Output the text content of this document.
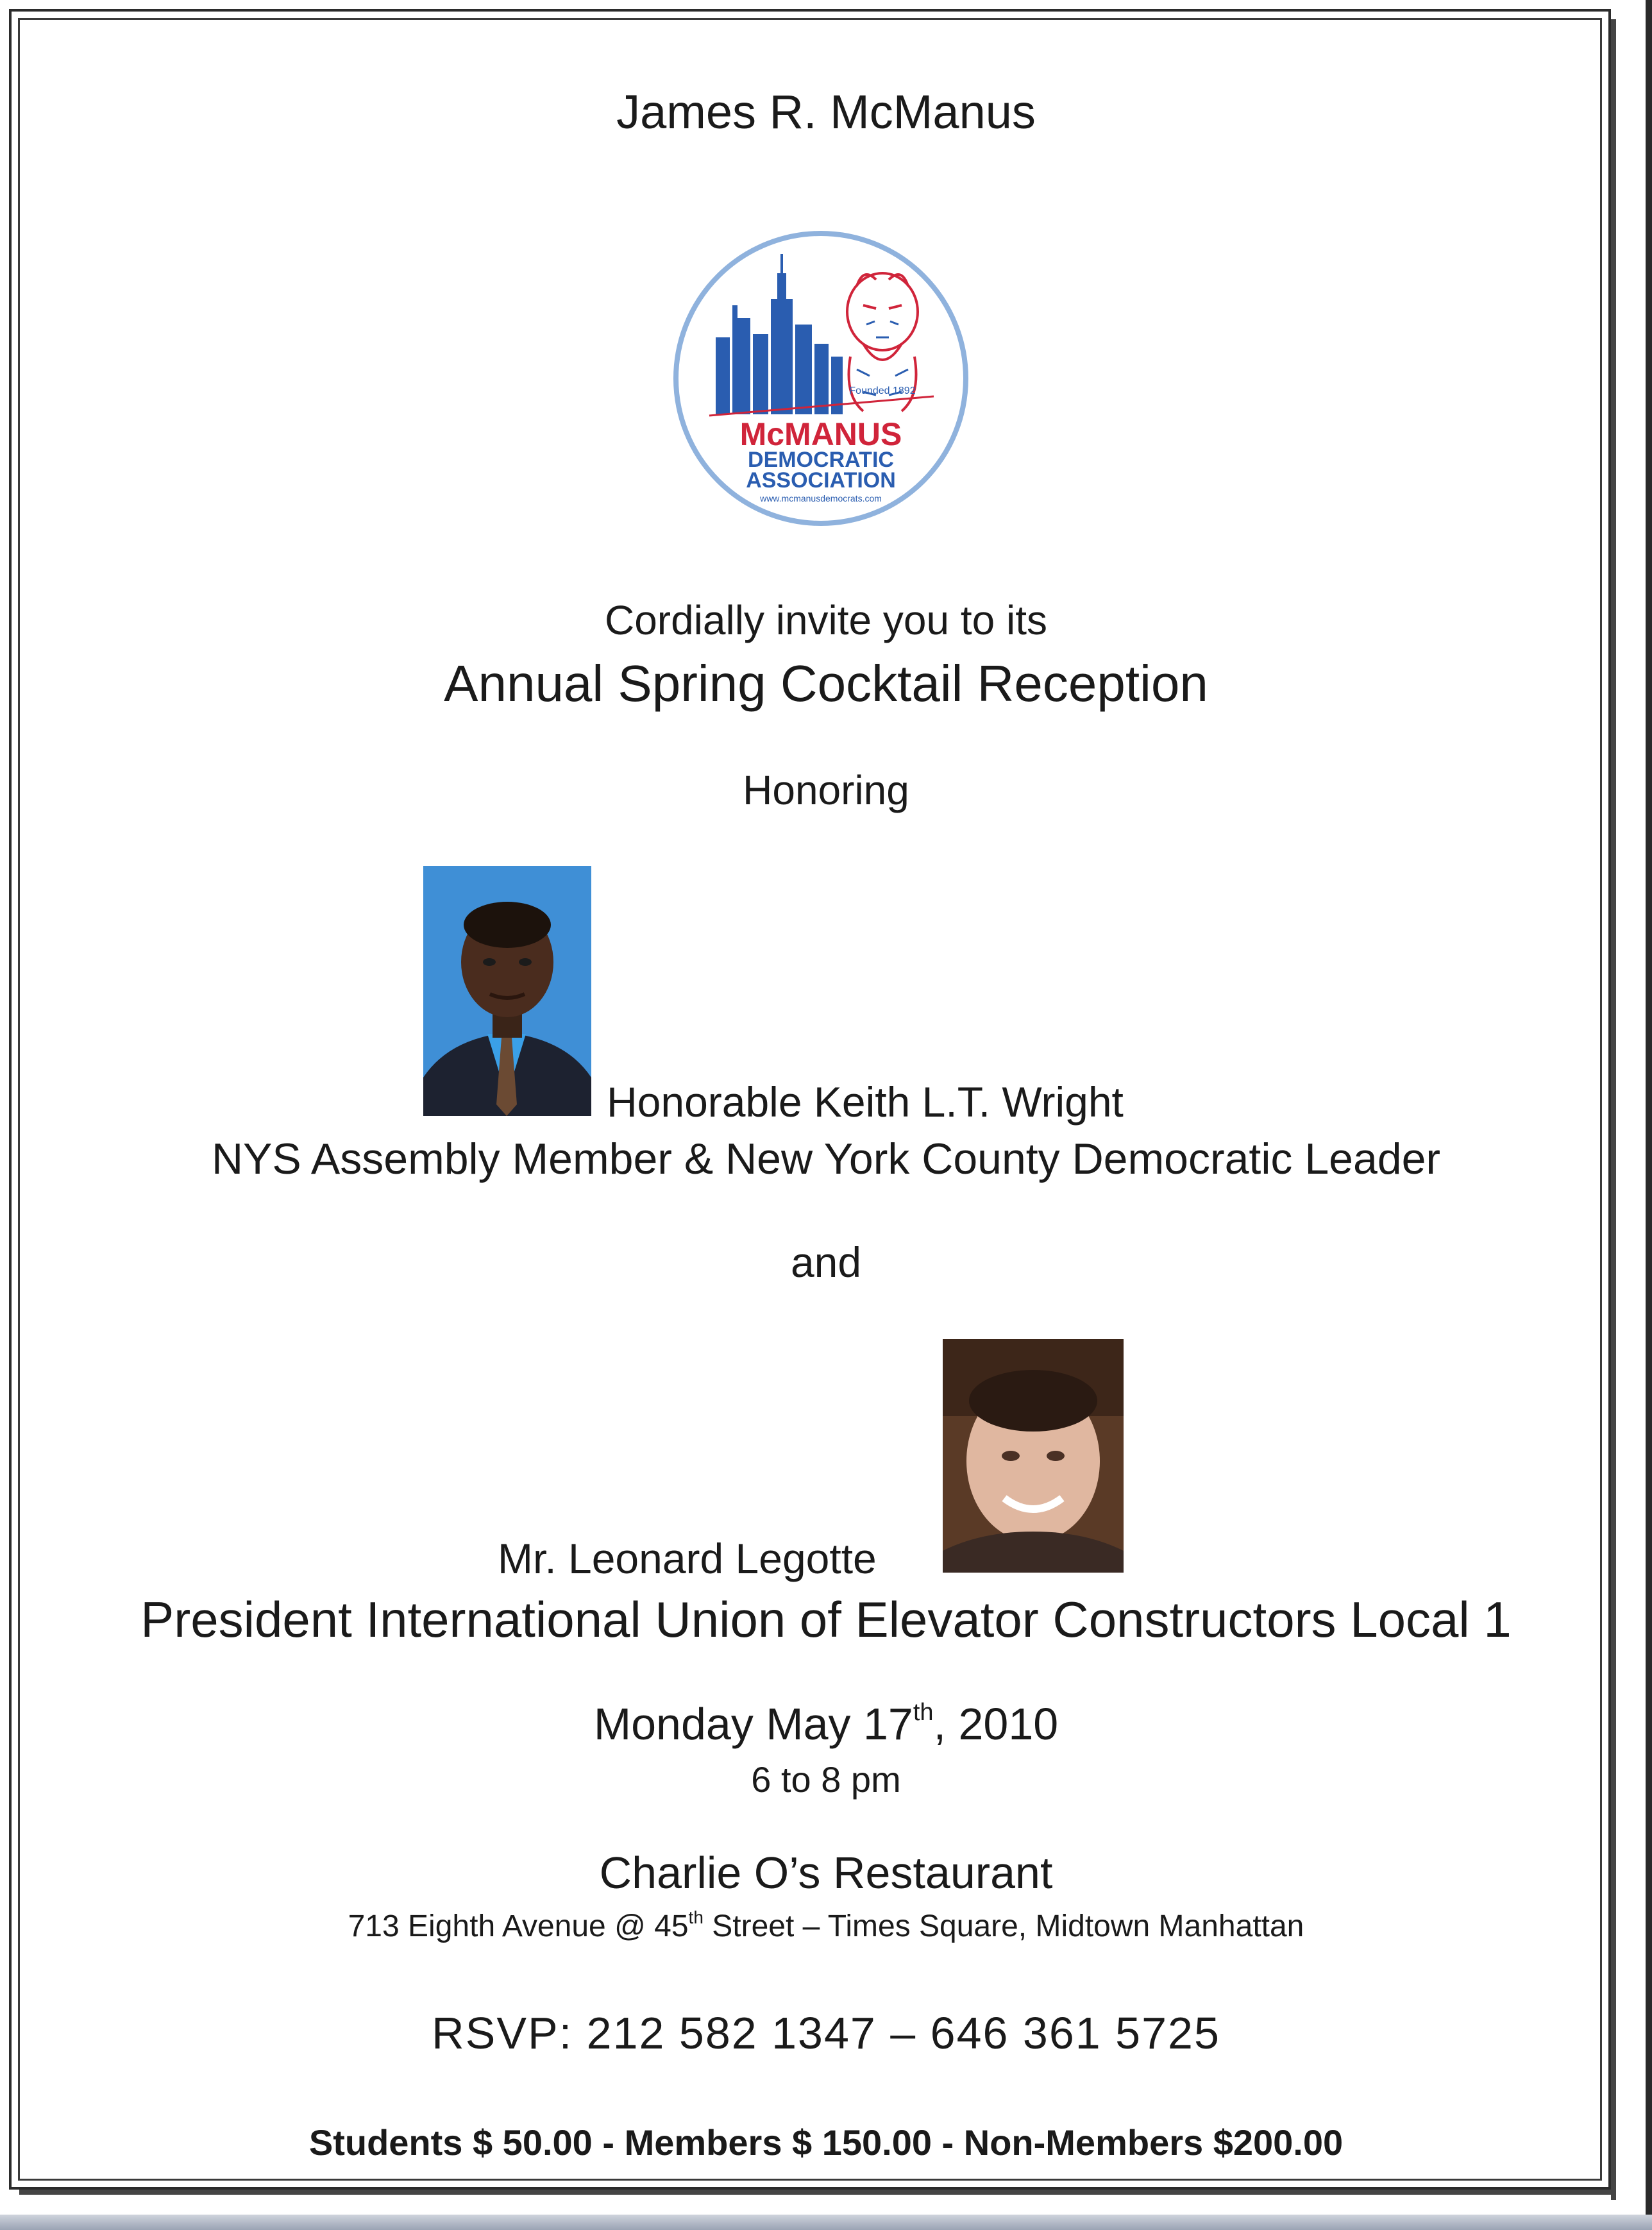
James R. McManus
Founded 1892
McMANUS
DEMOCRATIC
ASSOCIATION
www.mcmanusdemocrats.com
Cordially invite you to its
Annual Spring Cocktail Reception
Honoring
Honorable Keith L.T. Wright
NYS Assembly Member & New York County Democratic Leader
and
Mr. Leonard Legotte
President International Union of Elevator Constructors Local 1
Monday May 17th, 2010
6 to 8 pm
Charlie O’s Restaurant
713 Eighth Avenue @ 45th Street – Times Square, Midtown Manhattan
RSVP: 212 582 1347 – 646 361 5725
Students $ 50.00 - Members $ 150.00 - Non-Members $200.00
